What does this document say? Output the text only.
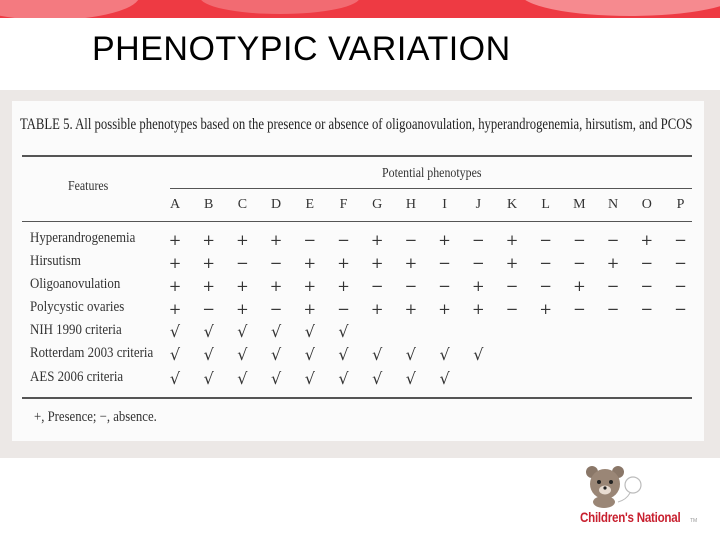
PHENOTYPIC VARIATION
TABLE 5. All possible phenotypes based on the presence or absence of oligoanovulation, hyperandrogenemia, hirsutism, and PCOS
Features
Potential phenotypes
A	B	C	D	E	F	G	H	I	J	K	L	M	N	O	P
Hyperandrogenemia + + + + − − + − + − + − − − + −
Hirsutism	+ + − − + + + + − − + − − + − −
Oligoanovulation	+ + + + + + − − − + − − + − − −
Polycystic ovaries	+ − + − + − + + + + − + − − − −
NIH 1990 criteria	√	√	√	√	√	√
Rotterdam 2003 criteria	√	√	√	√	√	√	√	√	√	√
AES 2006 criteria	√	√	√	√	√	√	√	√	√
+, Presence; −, absence.
Children's National TM
